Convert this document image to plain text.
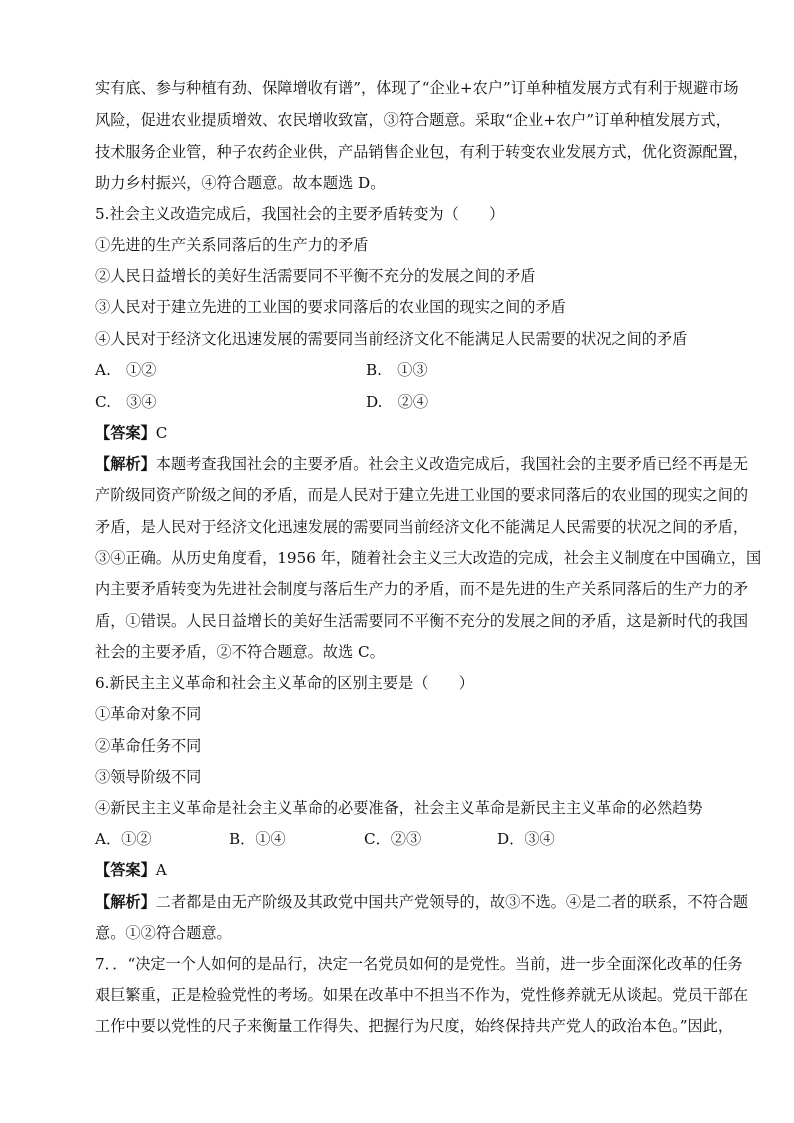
实有底、参与种植有劲、保障增收有谱”，体现了“企业+农户”订单种植发展方式有利于规避市场
风险，促进农业提质增效、农民增收致富，③符合题意。采取“企业+农户”订单种植发展方式，
技术服务企业管，种子农药企业供，产品销售企业包，有利于转变农业发展方式，优化资源配置，
助力乡村振兴，④符合题意。故本题选 D。
5.社会主义改造完成后，我国社会的主要矛盾转变为（　　）
①先进的生产关系同落后的生产力的矛盾
②人民日益增长的美好生活需要同不平衡不充分的发展之间的矛盾
③人民对于建立先进的工业国的要求同落后的农业国的现实之间的矛盾
④人民对于经济文化迅速发展的需要同当前经济文化不能满足人民需要的状况之间的矛盾
A.　①②	B.　①③
C.　③④	D.　②④
【答案】C
【解析】本题考查我国社会的主要矛盾。社会主义改造完成后，我国社会的主要矛盾已经不再是无
产阶级同资产阶级之间的矛盾，而是人民对于建立先进工业国的要求同落后的农业国的现实之间的
矛盾，是人民对于经济文化迅速发展的需要同当前经济文化不能满足人民需要的状况之间的矛盾，
③④正确。从历史角度看，1956 年，随着社会主义三大改造的完成，社会主义制度在中国确立，国
内主要矛盾转变为先进社会制度与落后生产力的矛盾，而不是先进的生产关系同落后的生产力的矛
盾，①错误。人民日益增长的美好生活需要同不平衡不充分的发展之间的矛盾，这是新时代的我国
社会的主要矛盾，②不符合题意。故选 C。
6.新民主主义革命和社会主义革命的区别主要是（　　）
①革命对象不同
②革命任务不同
③领导阶级不同
④新民主主义革命是社会主义革命的必要准备，社会主义革命是新民主主义革命的必然趋势
A．①②	B．①④	C．②③	D．③④
【答案】A
【解析】二者都是由无产阶级及其政党中国共产党领导的，故③不选。④是二者的联系，不符合题
意。①②符合题意。
7．．“决定一个人如何的是品行，决定一名党员如何的是党性。当前，进一步全面深化改革的任务
艰巨繁重，正是检验党性的考场。如果在改革中不担当不作为，党性修养就无从谈起。党员干部在
工作中要以党性的尺子来衡量工作得失、把握行为尺度，始终保持共产党人的政治本色。”因此，
